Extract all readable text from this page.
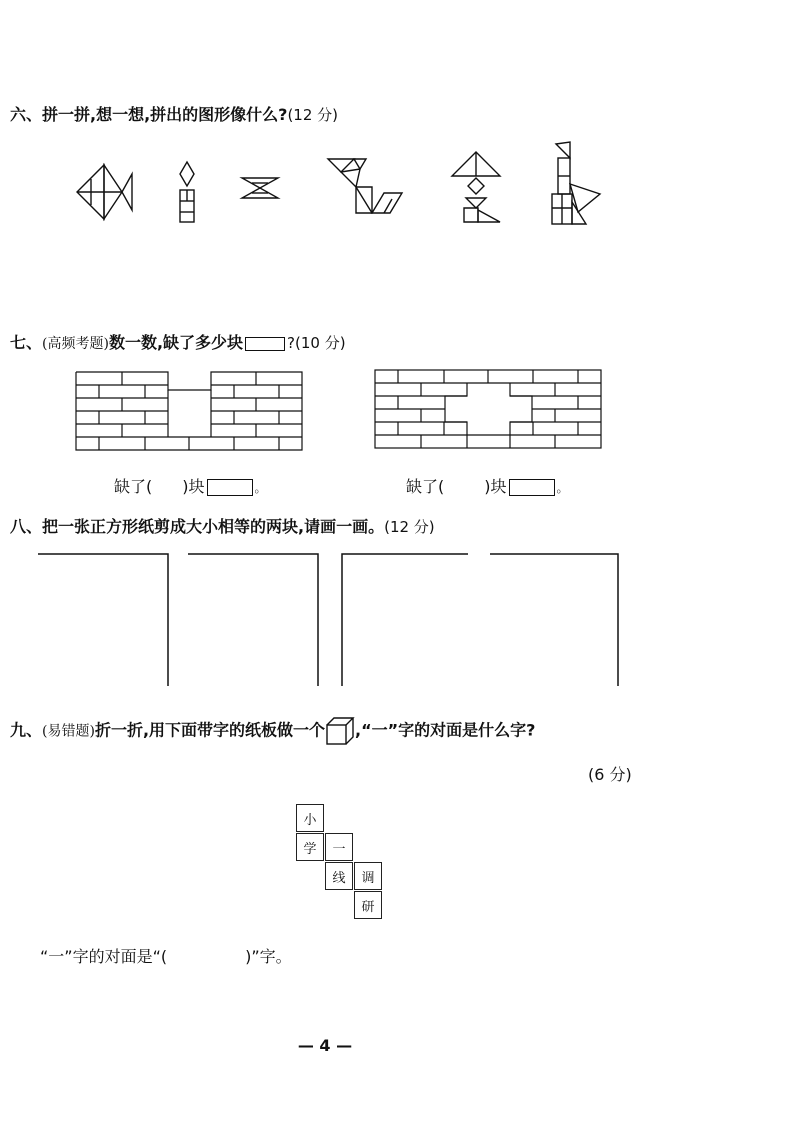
六、拼一拼,想一想,拼出的图形像什么?(12 分)
七、(高频考题)数一数,缺了多少块	?(10 分)
缺了( )块	。	缺了(	)块	。
八、把一张正方形纸剪成大小相等的两块,请画一画。(12 分)
九、(易错题)折一折,用下面带字的纸板做一个 ,“一”字的对面是什么字?
(6 分)
小
学	一
线	调
研
“一”字的对面是“(	)”字。
— 4 —
